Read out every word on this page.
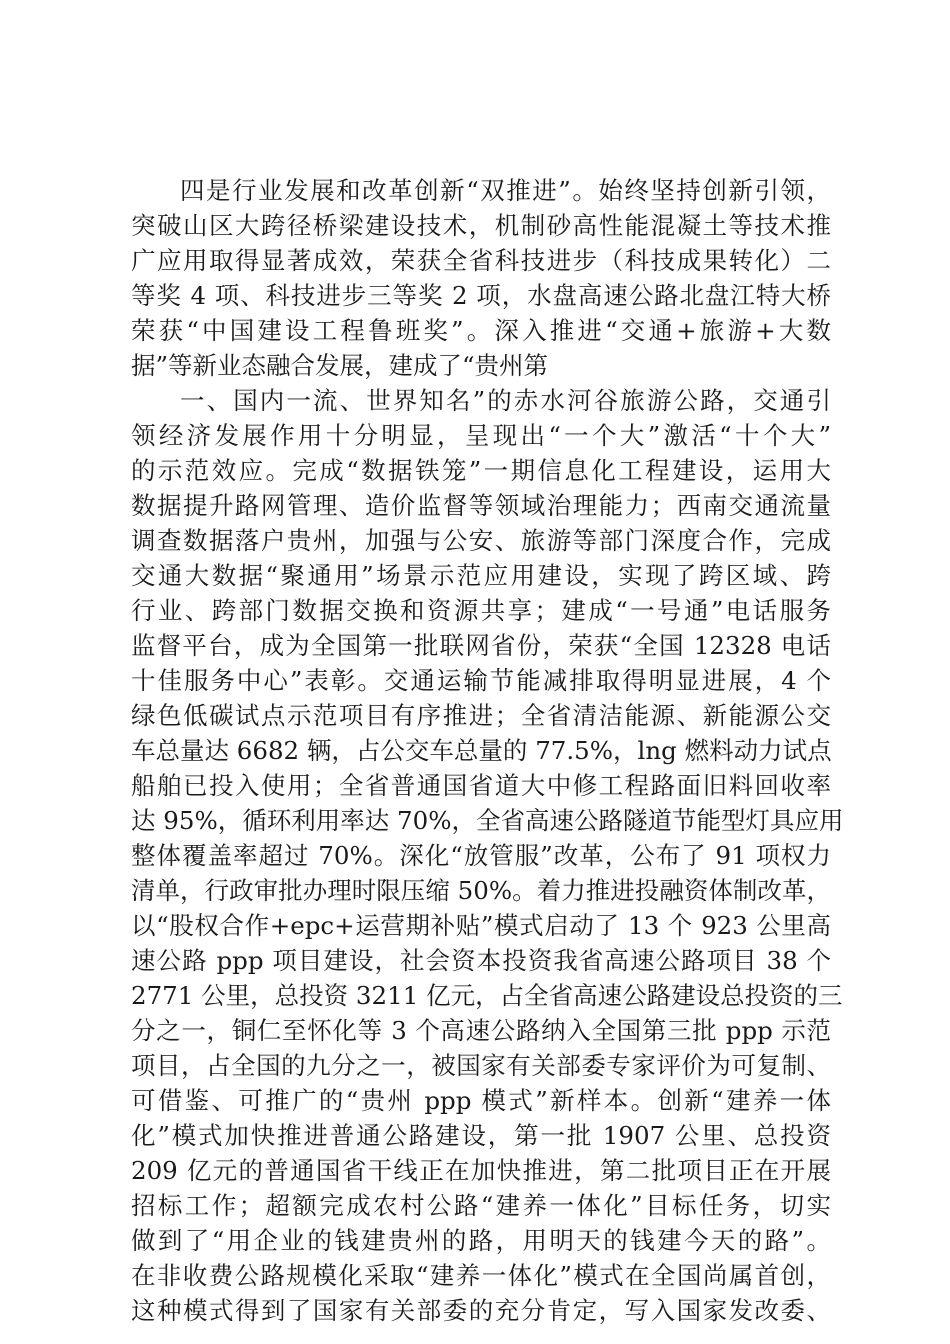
四是行业发展和改革创新“双推进”。始终坚持创新引领，
突破山区大跨径桥梁建设技术，机制砂高性能混凝土等技术推
广应用取得显著成效，荣获全省科技进步（科技成果转化）二
等奖 4 项、科技进步三等奖 2 项，水盘高速公路北盘江特大桥
荣获“中国建设工程鲁班奖”。深入推进“交通+旅游+大数
据”等新业态融合发展，建成了“贵州第
一、国内一流、世界知名”的赤水河谷旅游公路，交通引
领经济发展作用十分明显，呈现出“一个大”激活“十个大”
的示范效应。完成“数据铁笼”一期信息化工程建设，运用大
数据提升路网管理、造价监督等领域治理能力；西南交通流量
调查数据落户贵州，加强与公安、旅游等部门深度合作，完成
交通大数据“聚通用”场景示范应用建设，实现了跨区域、跨
行业、跨部门数据交换和资源共享；建成“一号通”电话服务
监督平台，成为全国第一批联网省份，荣获“全国 12328 电话
十佳服务中心”表彰。交通运输节能减排取得明显进展，4 个
绿色低碳试点示范项目有序推进；全省清洁能源、新能源公交
车总量达 6682 辆，占公交车总量的 77.5%，lng 燃料动力试点
船舶已投入使用；全省普通国省道大中修工程路面旧料回收率
达 95%，循环利用率达 70%，全省高速公路隧道节能型灯具应用
整体覆盖率超过 70%。深化“放管服”改革，公布了 91 项权力
清单，行政审批办理时限压缩 50%。着力推进投融资体制改革，
以“股权合作+epc+运营期补贴”模式启动了 13 个 923 公里高
速公路 ppp 项目建设，社会资本投资我省高速公路项目 38 个
2771 公里，总投资 3211 亿元，占全省高速公路建设总投资的三
分之一，铜仁至怀化等 3 个高速公路纳入全国第三批 ppp 示范
项目，占全国的九分之一，被国家有关部委专家评价为可复制、
可借鉴、可推广的“贵州 ppp 模式”新样本。创新“建养一体
化”模式加快推进普通公路建设，第一批 1907 公里、总投资
209 亿元的普通国省干线正在加快推进，第二批项目正在开展
招标工作；超额完成农村公路“建养一体化”目标任务，切实
做到了“用企业的钱建贵州的路，用明天的钱建今天的路”。
在非收费公路规模化采取“建养一体化”模式在全国尚属首创，
这种模式得到了国家有关部委的充分肯定，写入国家发改委、
